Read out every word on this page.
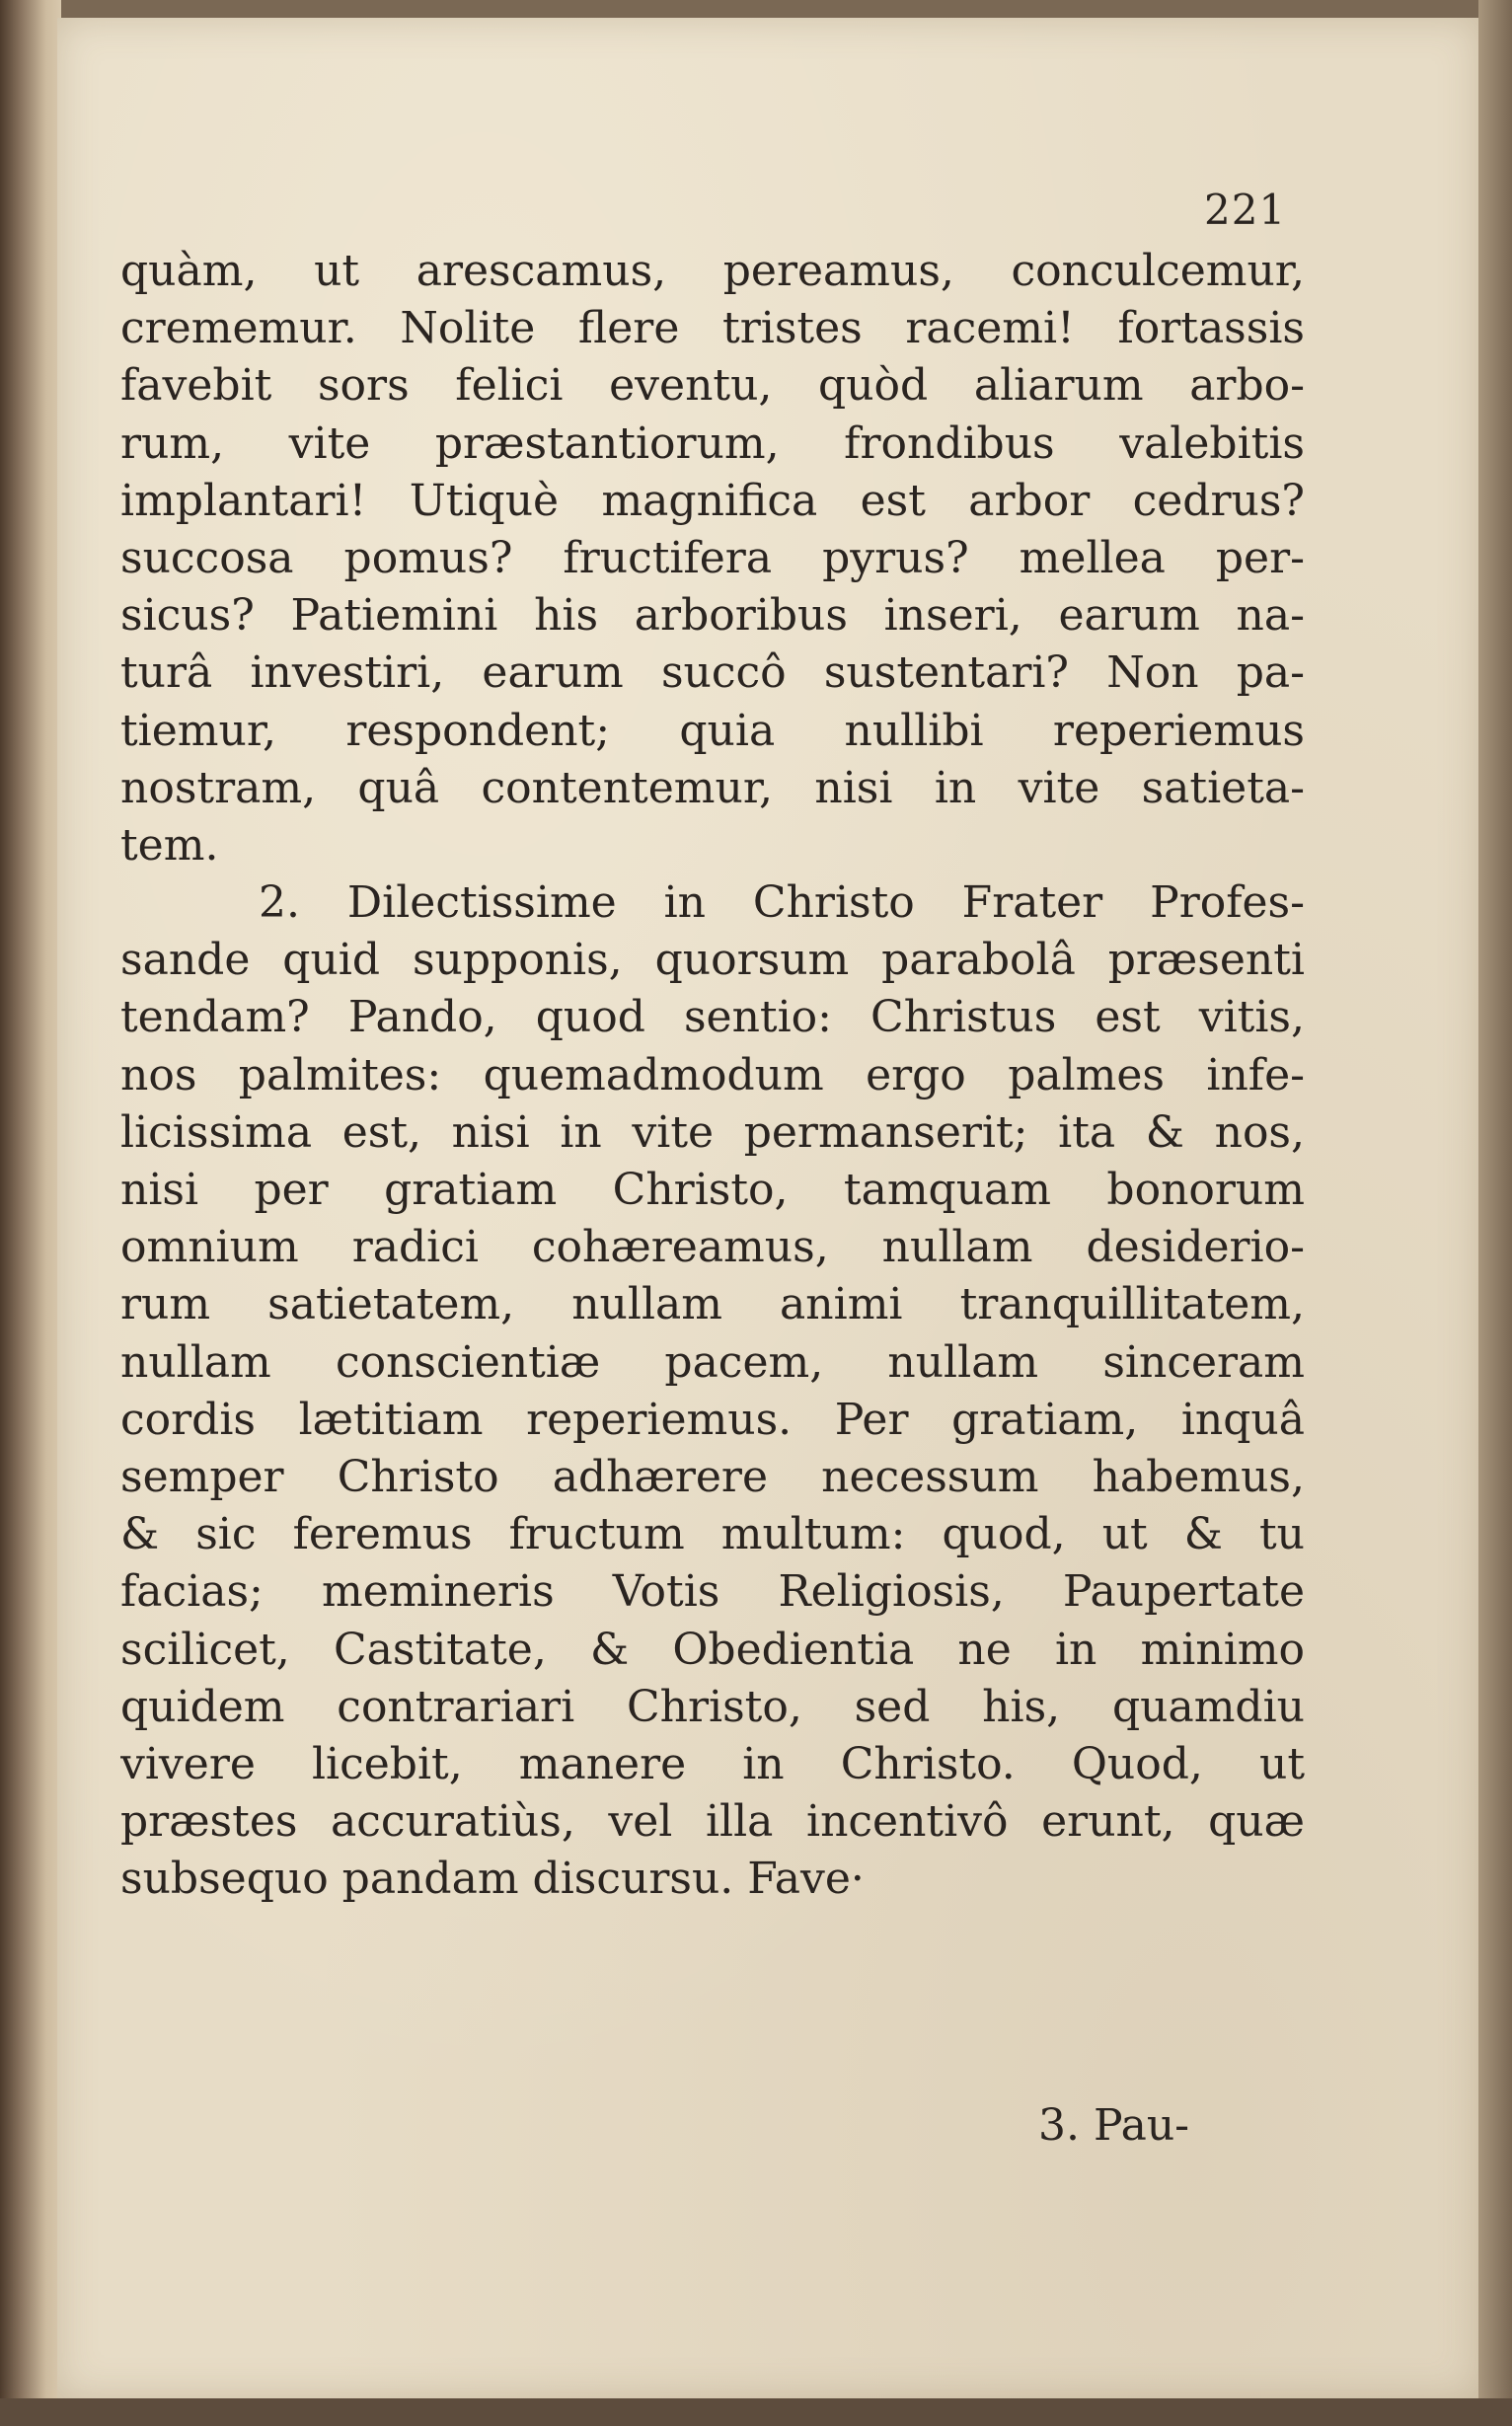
221
quàm, ut arescamus, pereamus, conculcemur,
crememur. Nolite flere tristes racemi! fortassis
favebit sors felici eventu, quòd aliarum arbo-
rum, vite præstantiorum, frondibus valebitis
implantari! Utiquè magnifica est arbor cedrus?
succosa pomus? fructifera pyrus? mellea per-
sicus? Patiemini his arboribus inseri, earum na-
turâ investiri, earum succô sustentari? Non pa-
tiemur, respondent; quia nullibi reperiemus
nostram, quâ contentemur, nisi in vite satieta-
tem.
2. Dilectissime in Christo Frater Profes-
sande quid supponis, quorsum parabolâ præsenti
tendam? Pando, quod sentio: Christus est vitis,
nos palmites: quemadmodum ergo palmes infe-
licissima est, nisi in vite permanserit; ita & nos,
nisi per gratiam Christo, tamquam bonorum
omnium radici cohæreamus, nullam desiderio-
rum satietatem, nullam animi tranquillitatem,
nullam conscientiæ pacem, nullam sinceram
cordis lætitiam reperiemus. Per gratiam, inquâ
semper Christo adhærere necessum habemus,
& sic feremus fructum multum: quod, ut & tu
facias; memineris Votis Religiosis, Paupertate
scilicet, Castitate, & Obedientia ne in minimo
quidem contrariari Christo, sed his, quamdiu
vivere licebit, manere in Christo. Quod, ut
præstes accuratiùs, vel illa incentivô erunt, quæ
subsequo pandam discursu. Fave·
3. Pau-
